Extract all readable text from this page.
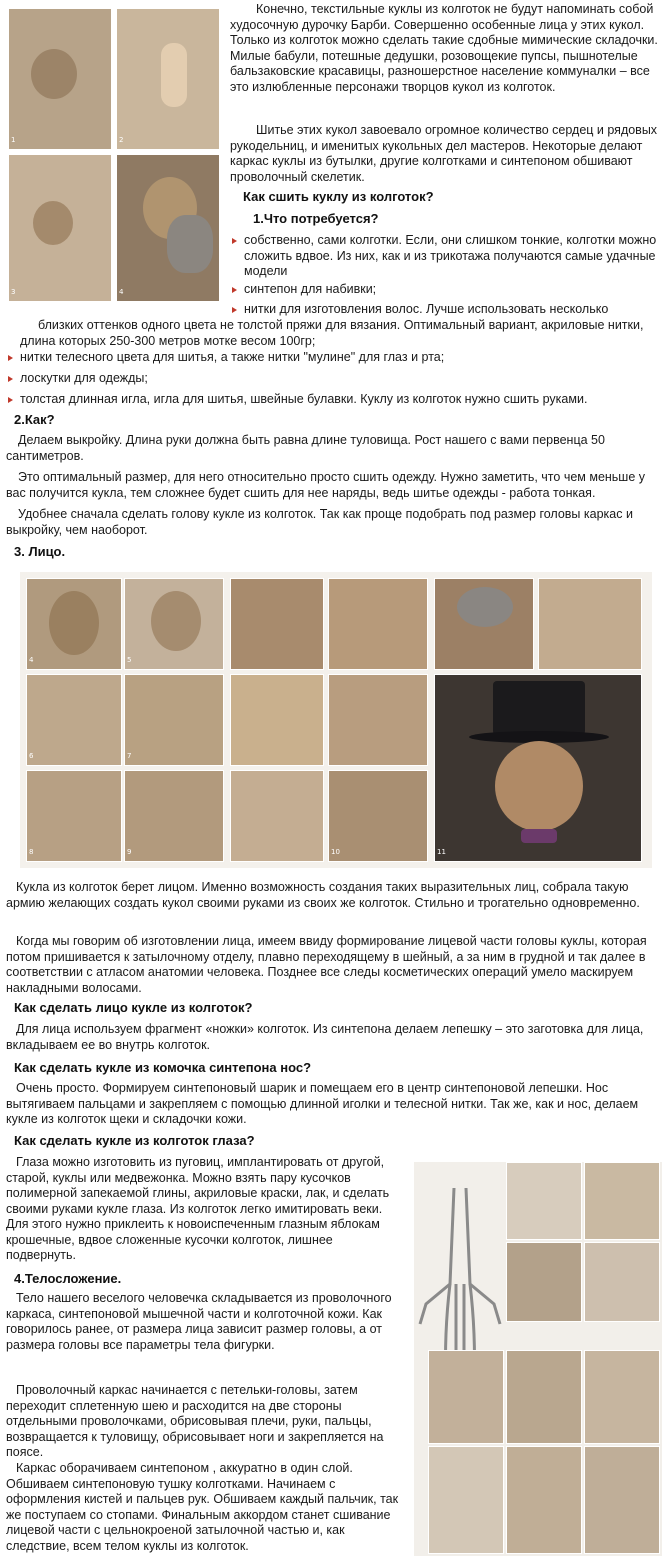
1	2
3	4

Конечно, текстильные куклы из колготок не будут напоминать собой худосочную дурочку Барби. Совершенно особенные лица у этих кукол. Только из колготок можно сделать такие сдобные мимические складочки. Милые бабули, потешные дедушки, розовощекие пупсы, пышнотелые бальзаковские красавицы, разношерстное население коммуналки – все это излюбленные персонажи творцов кукол из колготок.

Шитье этих кукол завоевало огромное количество сердец и рядовых рукодельниц, и именитых кукольных дел мастеров. Некоторые делают каркас куклы из бутылки, другие колготками и синтепоном обшивают проволочный скелетик.

Как сшить куклу из колготок?
1.Что потребуется?

собственно, сами колготки. Если, они слишком тонкие, колготки можно сложить вдвое. Из них, как и из трикотажа получаются самые удачные модели

синтепон для набивки;

нитки для изготовления волос. Лучше использовать несколько

близких оттенков одного цвета не толстой пряжи для вязания. Оптимальный вариант, акриловые нитки, длина которых 250-300 метров мотке весом 100гр;

нитки телесного цвета для шитья, а также нитки "мулине" для глаз и рта;

лоскутки для одежды;

толстая длинная игла, игла для шитья, швейные булавки. Куклу из колготок нужно сшить руками.

2.Как?

Делаем выкройку. Длина руки должна быть равна длине туловища. Рост нашего с вами первенца 50 сантиметров.

Это оптимальный размер, для него относительно просто сшить одежду. Нужно заметить, что чем меньше у вас получится кукла, тем сложнее будет сшить для нее наряды, ведь шитье одежды - работа тонкая.

Удобнее сначала сделать голову кукле из колготок. Так как проще подобрать под размер головы каркас и выкройку, чем наоборот.

3. Лицо.
4	5
6	7
8	9	10	11

Кукла из колготок берет лицом. Именно возможность создания таких выразительных лиц, собрала такую армию желающих создать кукол своими руками из своих же колготок. Стильно и трогательно одновременно.

Когда мы говорим об изготовлении лица, имеем ввиду формирование лицевой части головы куклы, которая потом пришивается к затылочному отделу, плавно переходящему в шейный, а за ним в грудной и так далее в соответствии с атласом анатомии человека. Позднее все следы косметических операций умело маскируем накладными волосами.

Как сделать лицо кукле из колготок?

Для лица используем фрагмент «ножки» колготок. Из синтепона делаем лепешку – это заготовка для лица, вкладываем ее во внутрь колготок.

Как сделать кукле из комочка синтепона нос?

Очень просто. Формируем синтепоновый шарик и помещаем его в центр синтепоновой лепешки. Нос вытягиваем пальцами и закрепляем с помощью длинной иголки и телесной нитки. Так же, как и нос, делаем кукле из колготок щеки и складочки кожи.

Как сделать кукле из колготок глаза?

Глаза можно изготовить из пуговиц, имплантировать от другой, старой, куклы или медвежонка. Можно взять пару кусочков полимерной запекаемой глины, акриловые краски, лак, и сделать своими руками кукле глаза. Из колготок легко имитировать веки. Для этого нужно приклеить к новоиспеченным глазным яблокам крошечные, вдвое сложенные кусочки колготок, лишнее подвернуть.

4.Телосложение.

Тело нашего веселого человечка складывается из проволочного каркаса, синтепоновой мышечной части и колготочной кожи. Как говорилось ранее, от размера лица зависит размер головы, а от размера головы все параметры тела фигурки.

Проволочный каркас начинается с петельки-головы, затем переходит сплетенную шею и расходится на две стороны отдельными проволочками, обрисовывая плечи, руки, пальцы, возвращается к туловищу, обрисовывает ноги и закрепляется на поясе.

Каркас оборачиваем синтепоном , аккуратно в один слой. Обшиваем синтепоновую тушку колготками. Начинаем с оформления кистей и пальцев рук. Обшиваем каждый пальчик, так же поступаем со стопами. Финальным аккордом станет сшивание лицевой части с цельнокроеной затылочной частью и, как следствие, всем телом куклы из колготок.
